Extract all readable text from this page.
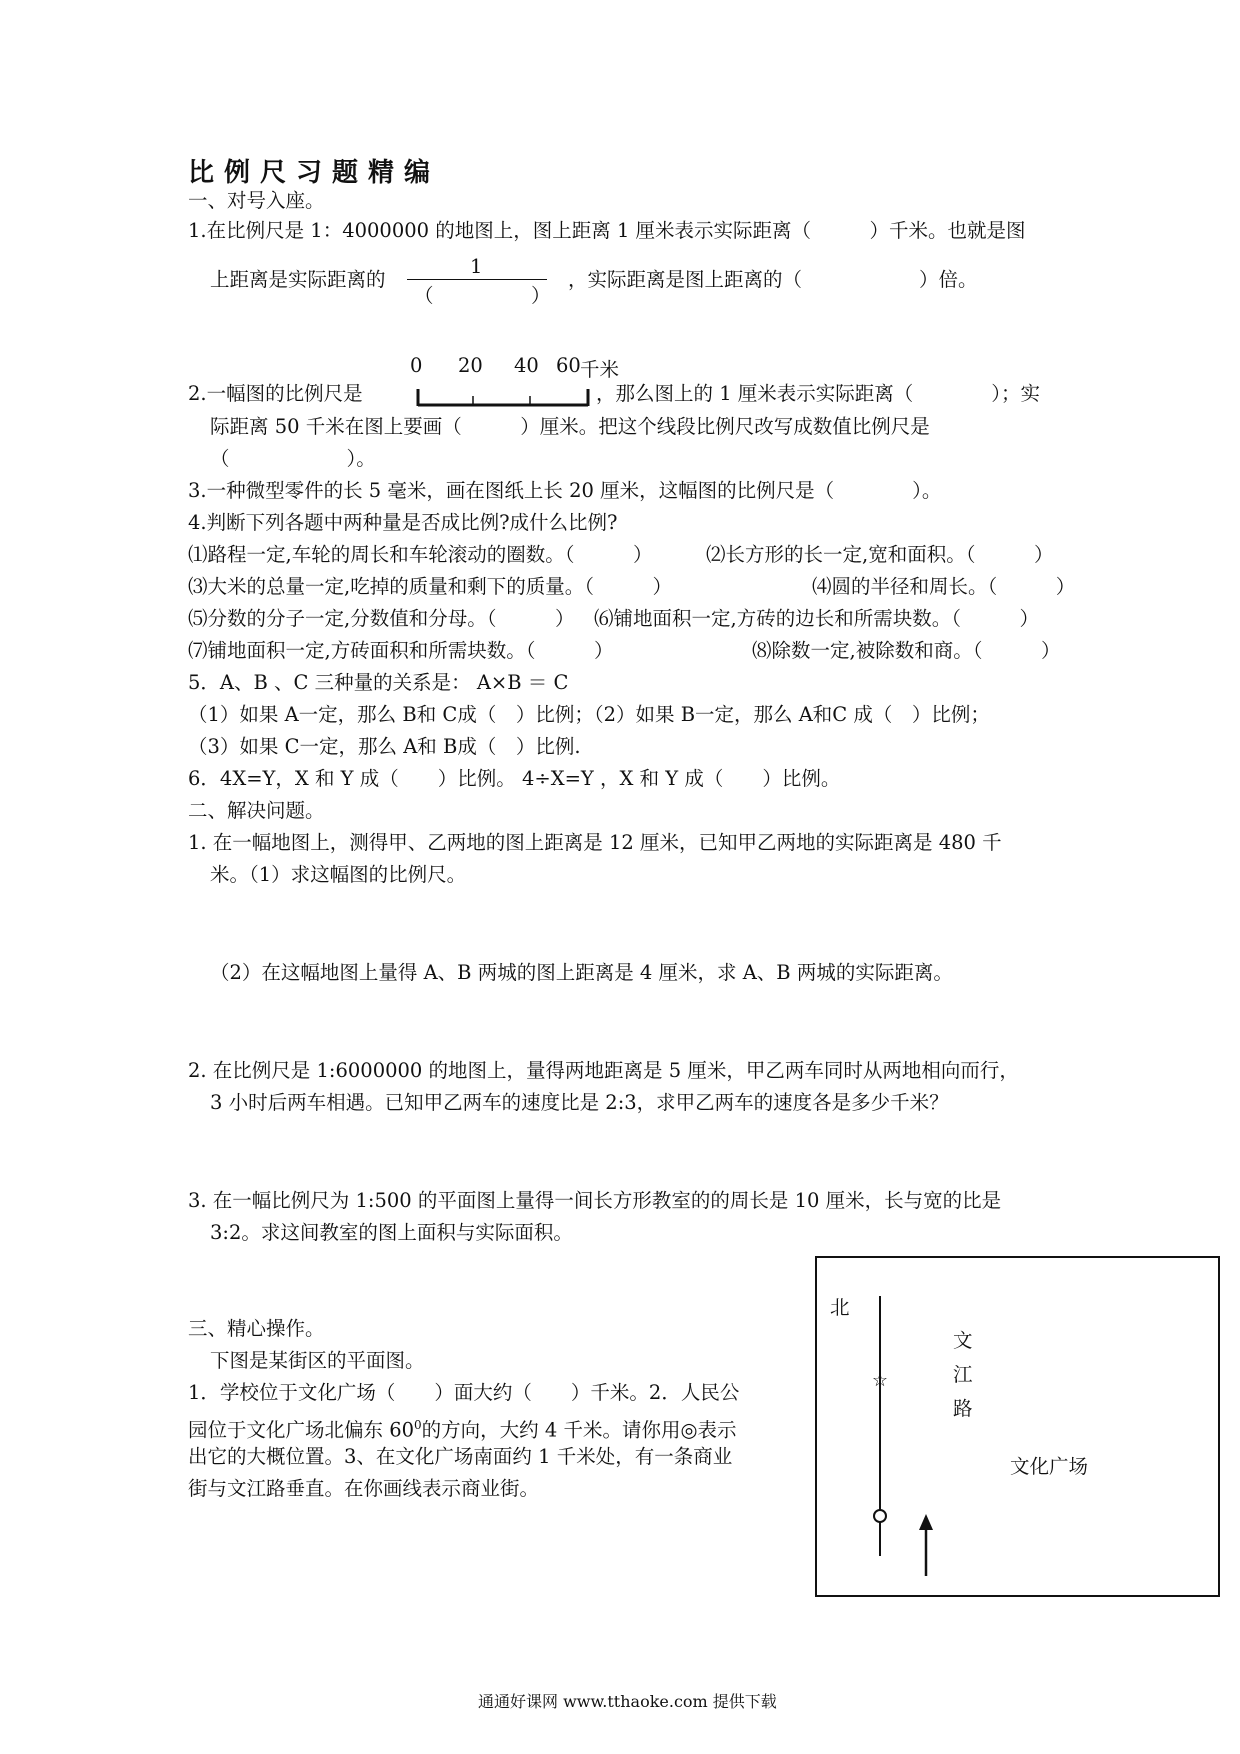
比例尺习题精编
一、对号入座。
1.在比例尺是 1：4000000 的地图上，图上距离 1 厘米表示实际距离（　　　）千米。也就是图
上距离是实际距离的
1
（　　　　　）
，实际距离是图上距离的（　　　　　　）倍。
0 20 40 60 千米
2.一幅图的比例尺是	，那么图上的 1 厘米表示实际距离（　　　　）；实
际距离 50 千米在图上要画（　　　）厘米。把这个线段比例尺改写成数值比例尺是
（　　　　　　）。
3.一种微型零件的长 5 毫米，画在图纸上长 20 厘米，这幅图的比例尺是（　　　　）。
4.判断下列各题中两种量是否成比例?成什么比例?
⑴路程一定,车轮的周长和车轮滚动的圈数。（　　　）	⑵长方形的长一定,宽和面积。（　　　）
⑶大米的总量一定,吃掉的质量和剩下的质量。（　　　）	⑷圆的半径和周长。（　　　）
⑸分数的分子一定,分数值和分母。（　　　） ⑹铺地面积一定,方砖的边长和所需块数。（　　　）
⑺铺地面积一定,方砖面积和所需块数。（　　　）	⑻除数一定,被除数和商。（　　　）
5．A、B 、C 三种量的关系是： A×B ＝ C
（1）如果 A一定，那么 B和 C成（　）比例；（2）如果 B一定，那么 A和C 成（　）比例；
（3）如果 C一定，那么 A和 B成（　）比例.
6．4X=Y，X 和 Y 成（　　）比例。 4÷X=Y ，X 和 Y 成（　　）比例。
二、解决问题。
1. 在一幅地图上，测得甲、乙两地的图上距离是 12 厘米，已知甲乙两地的实际距离是 480 千
米。（1）求这幅图的比例尺。
（2）在这幅地图上量得 A、B 两城的图上距离是 4 厘米，求 A、B 两城的实际距离。
2. 在比例尺是 1:6000000 的地图上，量得两地距离是 5 厘米，甲乙两车同时从两地相向而行，
3 小时后两车相遇。已知甲乙两车的速度比是 2:3，求甲乙两车的速度各是多少千米？
3. 在一幅比例尺为 1:500 的平面图上量得一间长方形教室的的周长是 10 厘米，长与宽的比是
3:2。求这间教室的图上面积与实际面积。
三、精心操作。
下图是某街区的平面图。
1．学校位于文化广场（　　）面大约（　　）千米。2．人民公
园位于文化广场北偏东 $60^0$的方向，大约 4 千米。请你用◎表示
出它的大概位置。3、在文化广场南面约 1 千米处，有一条商业
街与文江路垂直。在你画线表示商业街。
☆
北
文
江
路
文化广场
通通好课网 www.tthaoke.com 提供下载
